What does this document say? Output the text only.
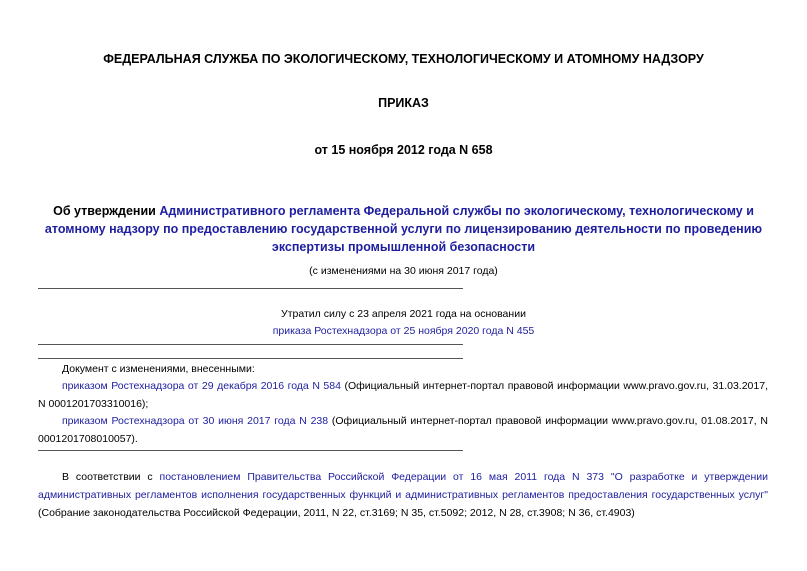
ФЕДЕРАЛЬНАЯ СЛУЖБА ПО ЭКОЛОГИЧЕСКОМУ, ТЕХНОЛОГИЧЕСКОМУ И АТОМНОМУ НАДЗОРУ
ПРИКАЗ
от 15 ноября 2012 года N 658
Об утверждении Административного регламента Федеральной службы по экологическому, технологическому и атомному надзору по предоставлению государственной услуги по лицензированию деятельности по проведению экспертизы промышленной безопасности
(с изменениями на 30 июня 2017 года)
Утратил силу с 23 апреля 2021 года на основании
приказа Ростехнадзора от 25 ноября 2020 года N 455
Документ с изменениями, внесенными:
приказом Ростехнадзора от 29 декабря 2016 года N 584 (Официальный интернет-портал правовой информации www.pravo.gov.ru, 31.03.2017, N 0001201703310016);
приказом Ростехнадзора от 30 июня 2017 года N 238 (Официальный интернет-портал правовой информации www.pravo.gov.ru, 01.08.2017, N 0001201708010057).
В соответствии с постановлением Правительства Российской Федерации от 16 мая 2011 года N 373 "О разработке и утверждении административных регламентов исполнения государственных функций и административных регламентов предоставления государственных услуг" (Собрание законодательства Российской Федерации, 2011, N 22, ст.3169; N 35, ст.5092; 2012, N 28, ст.3908; N 36, ст.4903)
